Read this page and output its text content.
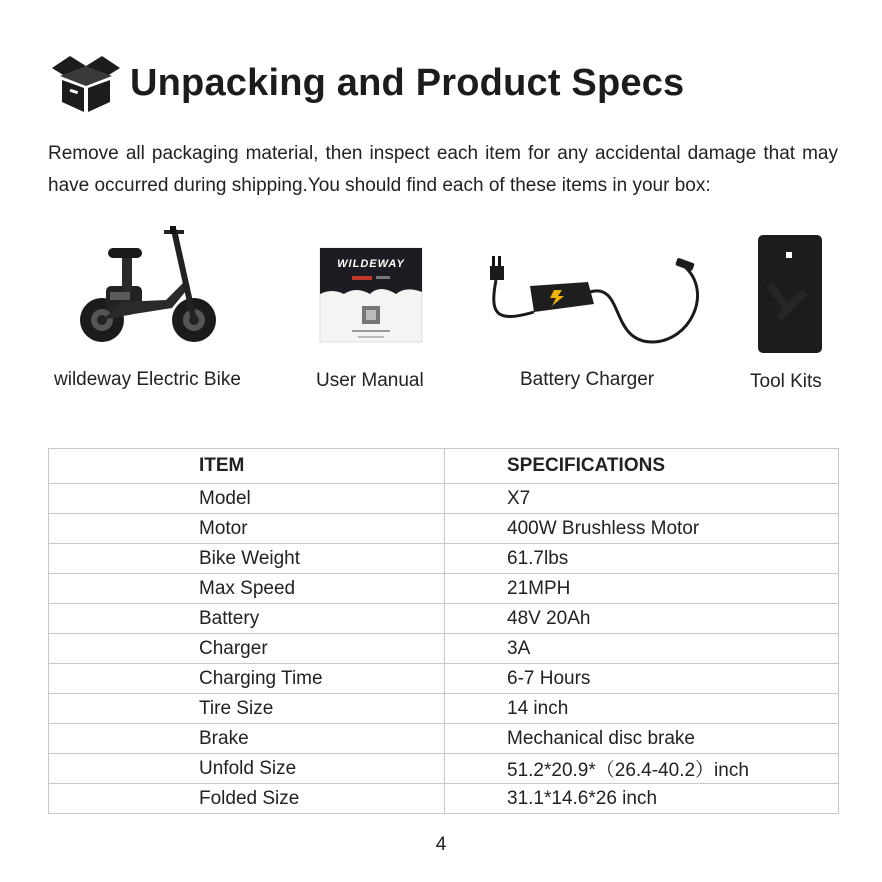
Unpacking and Product Specs

Remove all packaging material, then inspect each item for any accidental damage that may have occurred during shipping.You should find each of these items in your box:

wildeway Electric Bike
WILDEWAY
User Manual	Battery Charger	Tool Kits
ITEM	SPECIFICATIONS

Model	X7

Motor	400W Brushless Motor

Bike Weight	61.7lbs

Max Speed	21MPH

Battery	48V 20Ah

Charger	3A

Charging Time	6-7 Hours

Tire Size	14 inch

Brake	Mechanical disc brake

Unfold Size	51.2*20.9*（26.4-40.2）inch

Folded Size	31.1*14.6*26 inch
4
